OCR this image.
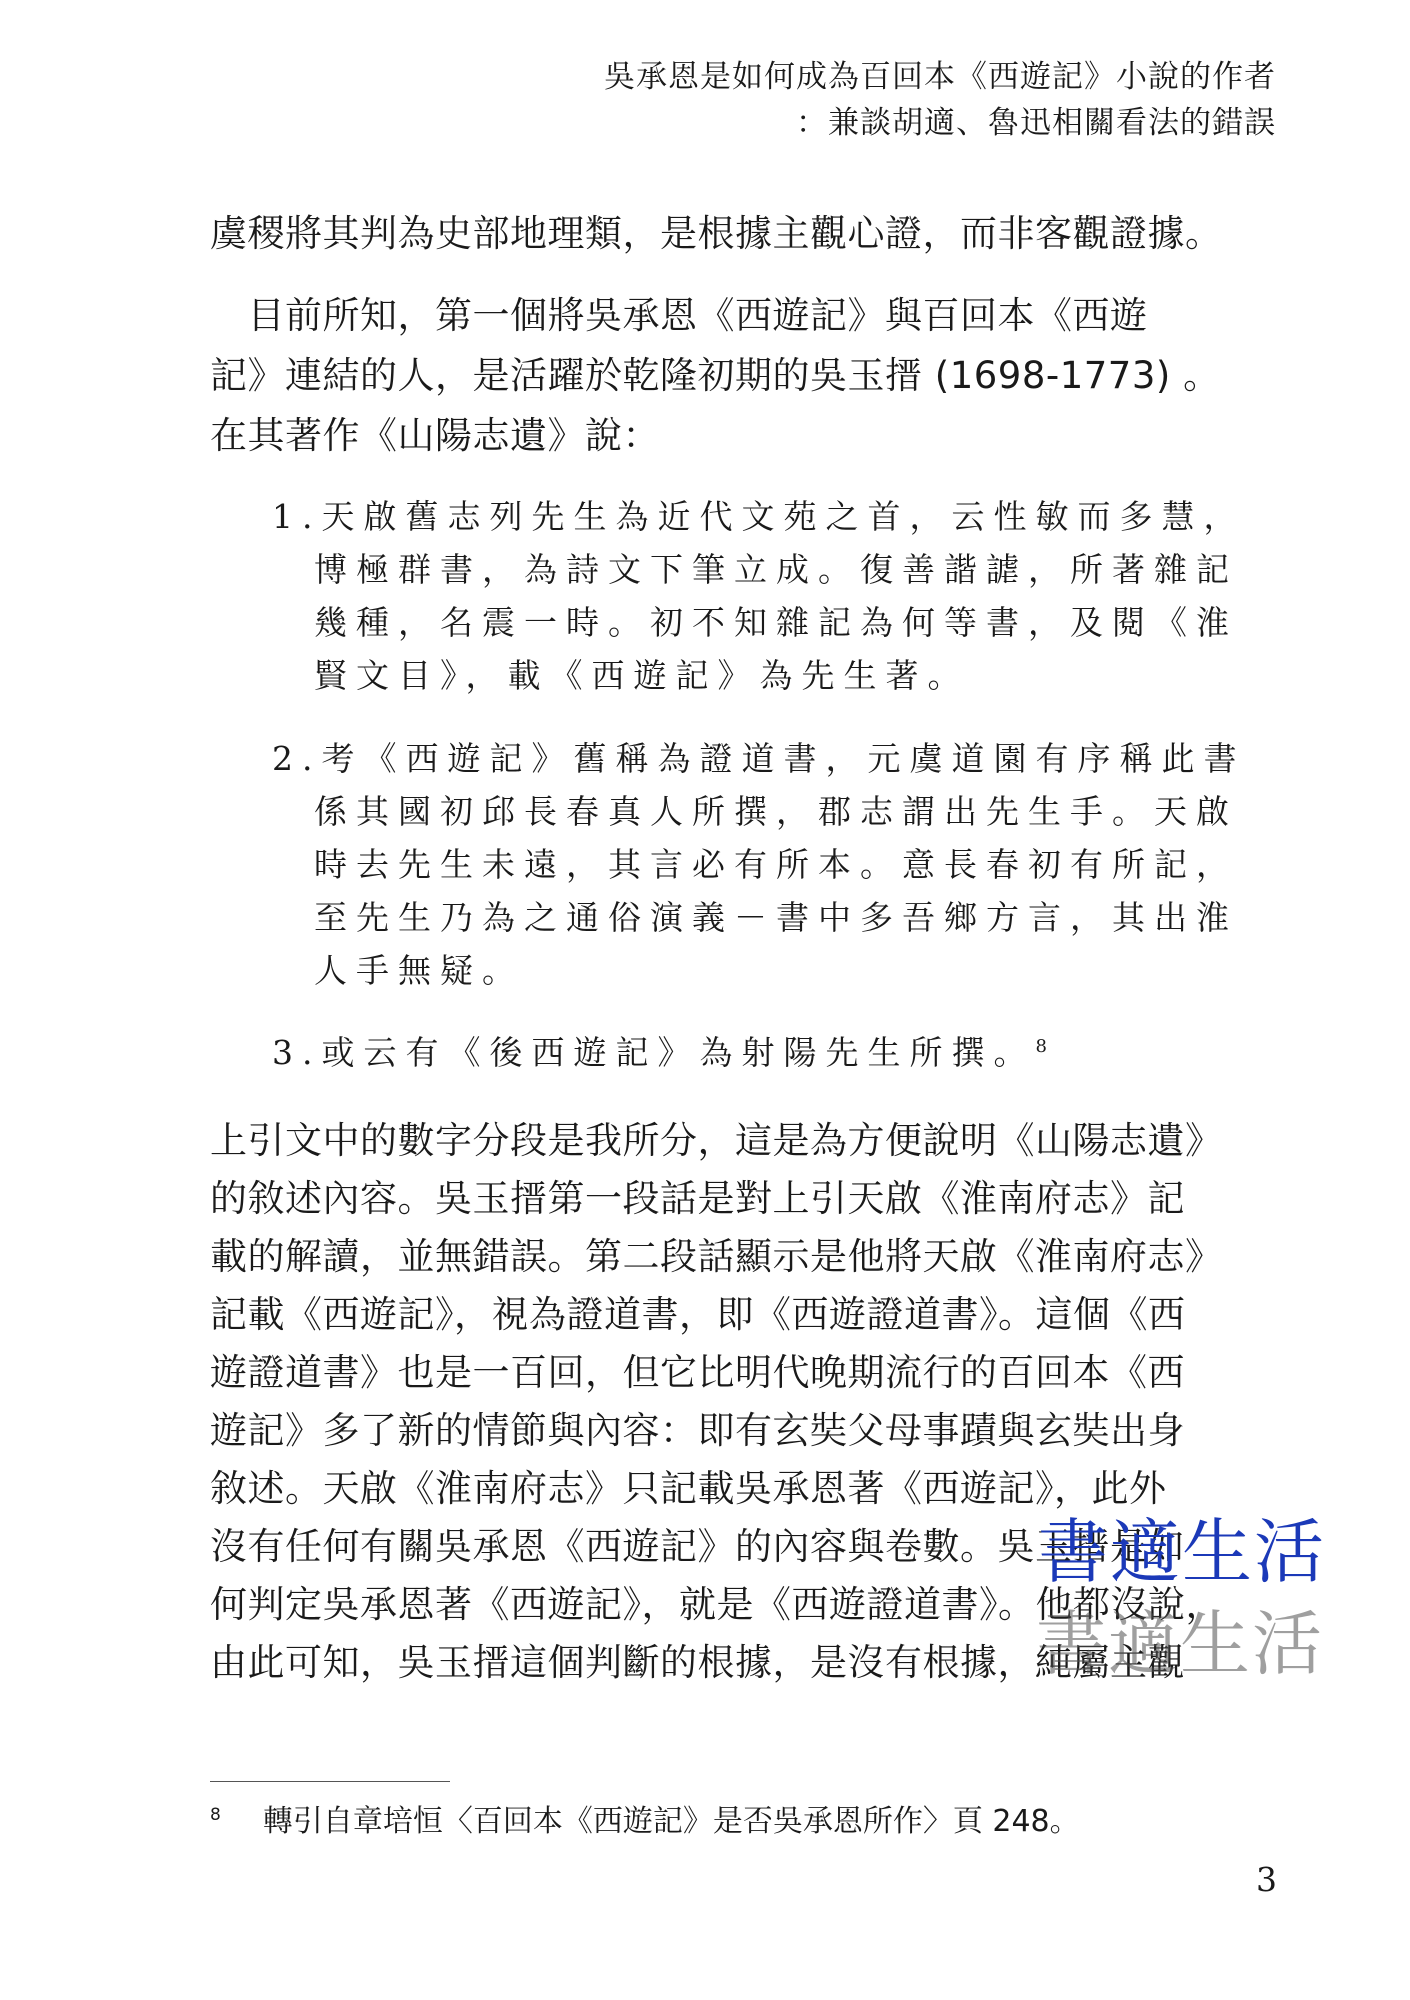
吳承恩是如何成為百回本《西遊記》小說的作者
：兼談胡適、魯迅相關看法的錯誤
虞稷將其判為史部地理類，是根據主觀心證，而非客觀證據。
　目前所知，第一個將吳承恩《西遊記》與百回本《西遊
記》連結的人，是活躍於乾隆初期的吳玉搢 (1698-1773) 。
在其著作《山陽志遺》說：
1.天啟舊志列先生為近代文苑之首，云性敏而多慧，
博極群書，為詩文下筆立成。復善諧謔，所著雜記
幾種，名震一時。初不知雜記為何等書，及閱《淮
賢文目》，載《西遊記》為先生著。
2.考《西遊記》舊稱為證道書，元虞道園有序稱此書
係其國初邱長春真人所撰，郡志謂出先生手。天啟
時去先生未遠，其言必有所本。意長春初有所記，
至先生乃為之通俗演義－書中多吾鄉方言，其出淮
人手無疑。
3.或云有《後西遊記》為射陽先生所撰。$^8$
上引文中的數字分段是我所分，這是為方便說明《山陽志遺》
的敘述內容。吳玉搢第一段話是對上引天啟《淮南府志》記
載的解讀，並無錯誤。第二段話顯示是他將天啟《淮南府志》
記載《西遊記》，視為證道書，即《西遊證道書》。這個《西
遊證道書》也是一百回，但它比明代晚期流行的百回本《西
遊記》多了新的情節與內容：即有玄奘父母事蹟與玄奘出身
敘述。天啟《淮南府志》只記載吳承恩著《西遊記》，此外
沒有任何有關吳承恩《西遊記》的內容與卷數。吳玉搢是如
何判定吳承恩著《西遊記》，就是《西遊證道書》。他都沒說，
由此可知，吳玉搢這個判斷的根據，是沒有根據，純屬主觀
書適生活
書適生活
$^8$ 轉引自章培恒〈百回本《西遊記》是否吳承恩所作〉頁 248。
3
